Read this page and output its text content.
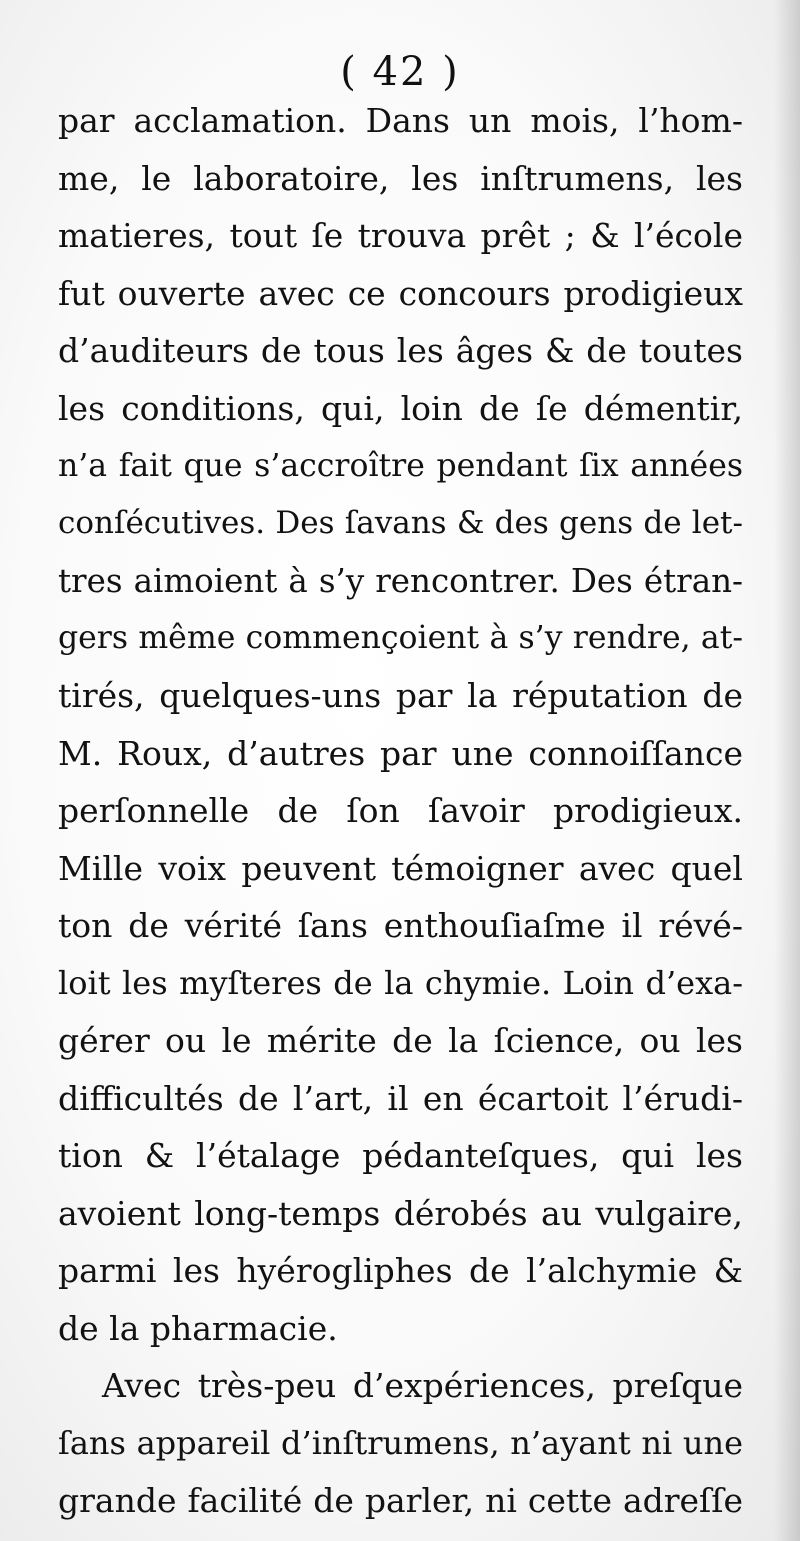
( 42 )
par acclamation. Dans un mois, l’hom-
me, le laboratoire, les inſtrumens, les
matieres, tout ſe trouva prêt ; & l’école
fut ouverte avec ce concours prodigieux
d’auditeurs de tous les âges & de toutes
les conditions, qui, loin de ſe démentir,
n’a fait que s’accroître pendant ſix années
conſécutives. Des ſavans & des gens de let-
tres aimoient à s’y rencontrer. Des étran-
gers même commençoient à s’y rendre, at-
tirés, quelques-uns par la réputation de
M. Roux, d’autres par une connoiſſance
perſonnelle de ſon ſavoir prodigieux.
Mille voix peuvent témoigner avec quel
ton de vérité ſans enthouſiaſme il révé-
loit les myſteres de la chymie. Loin d’exa-
gérer ou le mérite de la ſcience, ou les
difficultés de l’art, il en écartoit l’érudi-
tion & l’étalage pédanteſques, qui les
avoient long-temps dérobés au vulgaire,
parmi les hyérogliphes de l’alchymie &
de la pharmacie.
Avec très-peu d’expériences, preſque
ſans appareil d’inſtrumens, n’ayant ni une
grande facilité de parler, ni cette adreſſe
